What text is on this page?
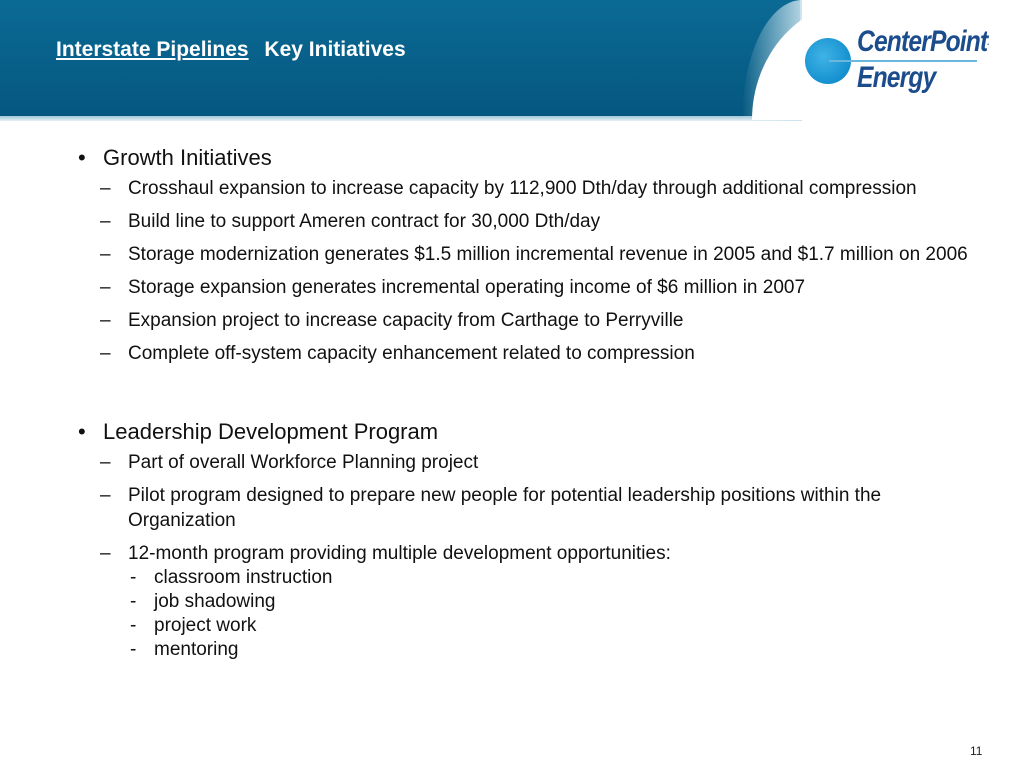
Interstate Pipelines Key Initiatives	CenterPoint.
Energy
• Growth Initiatives
– Crosshaul expansion to increase capacity by 112,900 Dth/day through additional compression
– Build line to support Ameren contract for 30,000 Dth/day
– Storage modernization generates $1.5 million incremental revenue in 2005 and $1.7 million on 2006
– Storage expansion generates incremental operating income of $6 million in 2007
– Expansion project to increase capacity from Carthage to Perryville
– Complete off-system capacity enhancement related to compression
• Leadership Development Program
– Part of overall Workforce Planning project
– Pilot program designed to prepare new people for potential leadership positions within the Organization
– 12-month program providing multiple development opportunities:
- classroom instruction
- job shadowing
- project work
- mentoring
11
